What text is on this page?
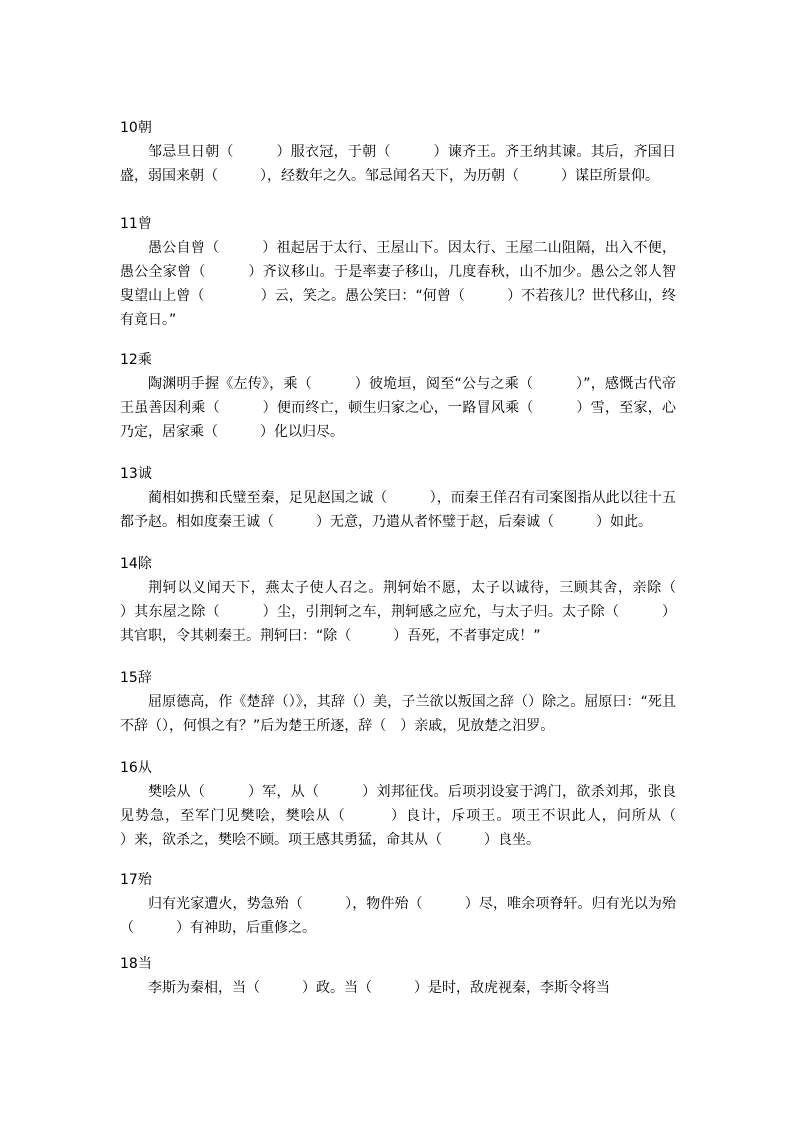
10朝

邹忌旦日朝（　　　）服衣冠，于朝（　　　）谏齐王。齐王纳其谏。其后，齐国日盛，弱国来朝（　　　），经数年之久。邹忌闻名天下，为历朝（　　　）谋臣所景仰。

11曾

愚公自曾（　　　）祖起居于太行、王屋山下。因太行、王屋二山阻隔，出入不便，愚公全家曾（　　　）齐议移山。于是率妻子移山，几度春秋，山不加少。愚公之邻人智叟望山上曾（　　　　）云，笑之。愚公笑曰：“何曾（　　　）不若孩儿？世代移山，终有竟日。”

12乘

陶渊明手握《左传》，乘（　　　）彼垝垣，阅至“公与之乘（　　　）”，感慨古代帝王虽善因利乘（　　　）便而终亡，顿生归家之心，一路冒风乘（　　　）雪，至家，心乃定，居家乘（　　　）化以归尽。

13诚

蔺相如携和氏璧至秦，足见赵国之诚（　　　），而秦王佯召有司案图指从此以往十五都予赵。相如度秦王诚（　　　）无意，乃遣从者怀璧于赵，后秦诚（　　　）如此。

14除

荆轲以义闻天下，燕太子使人召之。荆轲始不愿，太子以诚待，三顾其舍，亲除（　　　）其东屋之除（　　　）尘，引荆轲之车，荆轲感之应允，与太子归。太子除（　　　）其官职，令其刺秦王。荆轲曰：“除（　　　）吾死，不者事定成！”

15辞

屈原德高，作《楚辞（）》，其辞（）美，子兰欲以叛国之辞（）除之。屈原曰：“死且不辞（），何惧之有？”后为楚王所逐，辞（　）亲戚，见放楚之汨罗。

16从

樊哙从（　　　）军，从（　　　）刘邦征伐。后项羽设宴于鸿门，欲杀刘邦，张良见势急，至军门见樊哙，樊哙从（　　　）良计，斥项王。项王不识此人，问所从（　　　）来，欲杀之，樊哙不顾。项王感其勇猛，命其从（　　　）良坐。

17殆

归有光家遭火，势急殆（　　　），物件殆（　　　）尽，唯余项脊轩。归有光以为殆（　　　）有神助，后重修之。

18当

李斯为秦相，当（　　　）政。当（　　　）是时，敌虎视秦，李斯令将当
